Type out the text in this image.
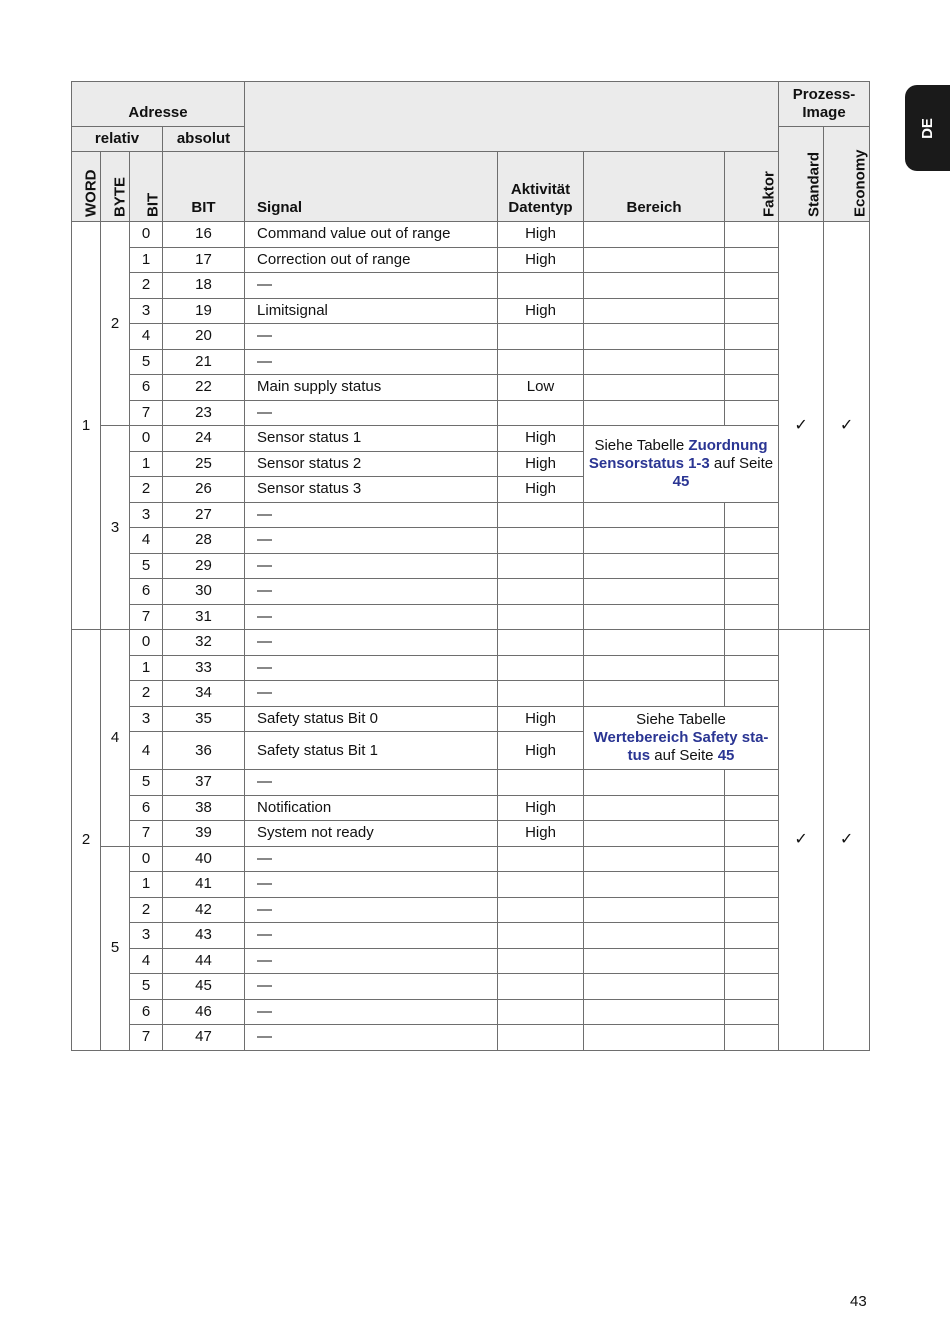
DE
Adresse								Prozess-
Image	
relativ			absolut					Standard	Economy
WORD	BYTE	BIT	BIT	Signal	Aktivität
Datentyp	Bereich	Faktor		
1	2	0	16	Command value out of range	High			✓	✓
		1	17	Correction out of range	High				
		2	18	—					
		3	19	Limitsignal	High				
		4	20	—					
		5	21	—					
		6	22	Main supply status	Low				
		7	23	—					
	3	0	24	Sensor status 1	High	Siehe Tabelle Zuordnung Sensorstatus 1-3 auf Seite 45			
		1	25	Sensor status 2	High				
		2	26	Sensor status 3	High				
		3	27	—					
		4	28	—					
		5	29	—					
		6	30	—					
		7	31	—					
2	4	0	32	—				✓	✓
		1	33	—					
		2	34	—					
		3	35	Safety status Bit 0	High	Siehe Tabelle Wertebereich Safety status auf Seite 45			
		4	36	Safety status Bit 1	High				
		5	37	—					
		6	38	Notification	High				
		7	39	System not ready	High				
	5	0	40	—					
		1	41	—					
		2	42	—					
		3	43	—					
		4	44	—					
		5	45	—					
		6	46	—					
		7	47	—					
43
